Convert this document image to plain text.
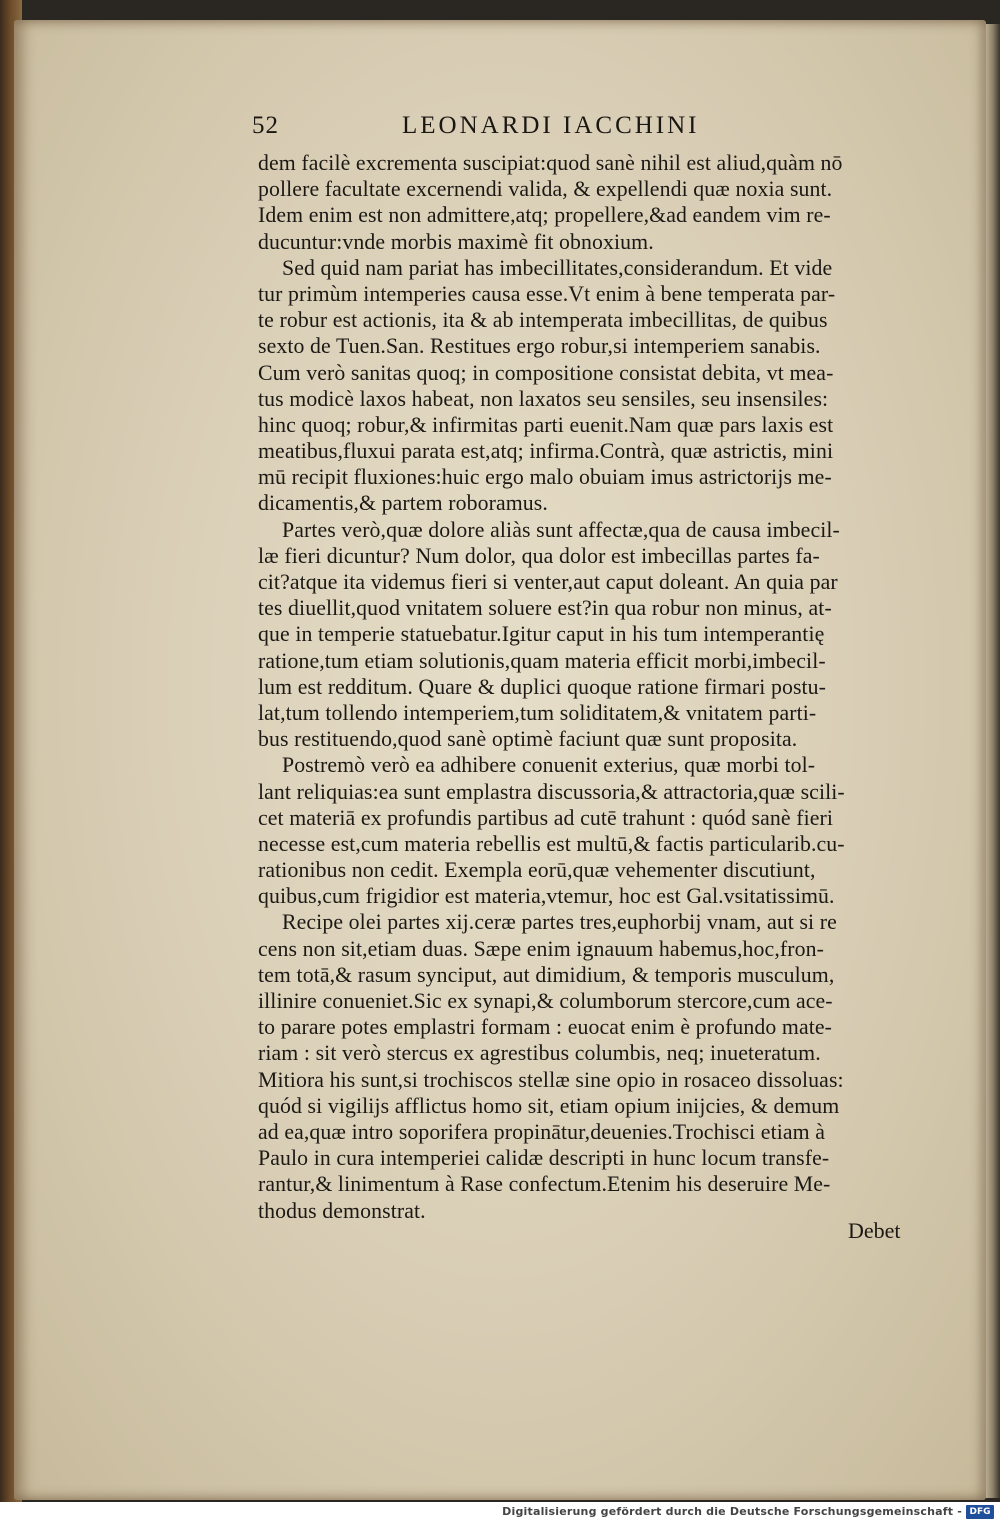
52	LEONARDI IACCHINI
dem facilè excrementa suscipiat:quod sanè nihil est aliud,quàm nō
pollere facultate excernendi valida, & expellendi quæ noxia sunt.
Idem enim est non admittere,atq; propellere,&ad eandem vim re-
ducuntur:vnde morbis maximè fit obnoxium.
Sed quid nam pariat has imbecillitates,considerandum. Et vide
tur primùm intemperies causa esse.Vt enim à bene temperata par-
te robur est actionis, ita & ab intemperata imbecillitas, de quibus
sexto de Tuen.San. Restitues ergo robur,si intemperiem sanabis.
Cum verò sanitas quoq; in compositione consistat debita, vt mea-
tus modicè laxos habeat, non laxatos seu sensiles, seu insensiles:
hinc quoq; robur,& infirmitas parti euenit.Nam quæ pars laxis est
meatibus,fluxui parata est,atq; infirma.Contrà, quæ astrictis, mini
mū recipit fluxiones:huic ergo malo obuiam imus astrictorijs me-
dicamentis,& partem roboramus.
Partes verò,quæ dolore aliàs sunt affectæ,qua de causa imbecil-
læ fieri dicuntur? Num dolor, qua dolor est imbecillas partes fa-
cit?atque ita videmus fieri si venter,aut caput doleant. An quia par
tes diuellit,quod vnitatem soluere est?in qua robur non minus, at-
que in temperie statuebatur.Igitur caput in his tum intemperantię
ratione,tum etiam solutionis,quam materia efficit morbi,imbecil-
lum est redditum. Quare & duplici quoque ratione firmari postu-
lat,tum tollendo intemperiem,tum soliditatem,& vnitatem parti-
bus restituendo,quod sanè optimè faciunt quæ sunt proposita.
Postremò verò ea adhibere conuenit exterius, quæ morbi tol-
lant reliquias:ea sunt emplastra discussoria,& attractoria,quæ scili-
cet materiā ex profundis partibus ad cutē trahunt : quód sanè fieri
necesse est,cum materia rebellis est multū,& factis particularib.cu-
rationibus non cedit. Exempla eorū,quæ vehementer discutiunt,
quibus,cum frigidior est materia,vtemur, hoc est Gal.vsitatissimū.
Recipe olei partes xij.ceræ partes tres,euphorbij vnam, aut si re
cens non sit,etiam duas. Sæpe enim ignauum habemus,hoc,fron-
tem totā,& rasum synciput, aut dimidium, & temporis musculum,
illinire conueniet.Sic ex synapi,& columborum stercore,cum ace-
to parare potes emplastri formam : euocat enim è profundo mate-
riam : sit verò stercus ex agrestibus columbis, neq; inueteratum.
Mitiora his sunt,si trochiscos stellæ sine opio in rosaceo dissoluas:
quód si vigilijs afflictus homo sit, etiam opium inijcies, & demum
ad ea,quæ intro soporifera propinātur,deuenies.Trochisci etiam à
Paulo in cura intemperiei calidæ descripti in hunc locum transfe-
rantur,& linimentum à Rase confectum.Etenim his deseruire Me-
thodus demonstrat.
Debet
Digitalisierung gefördert durch die Deutsche Forschungsgemeinschaft - DFG
